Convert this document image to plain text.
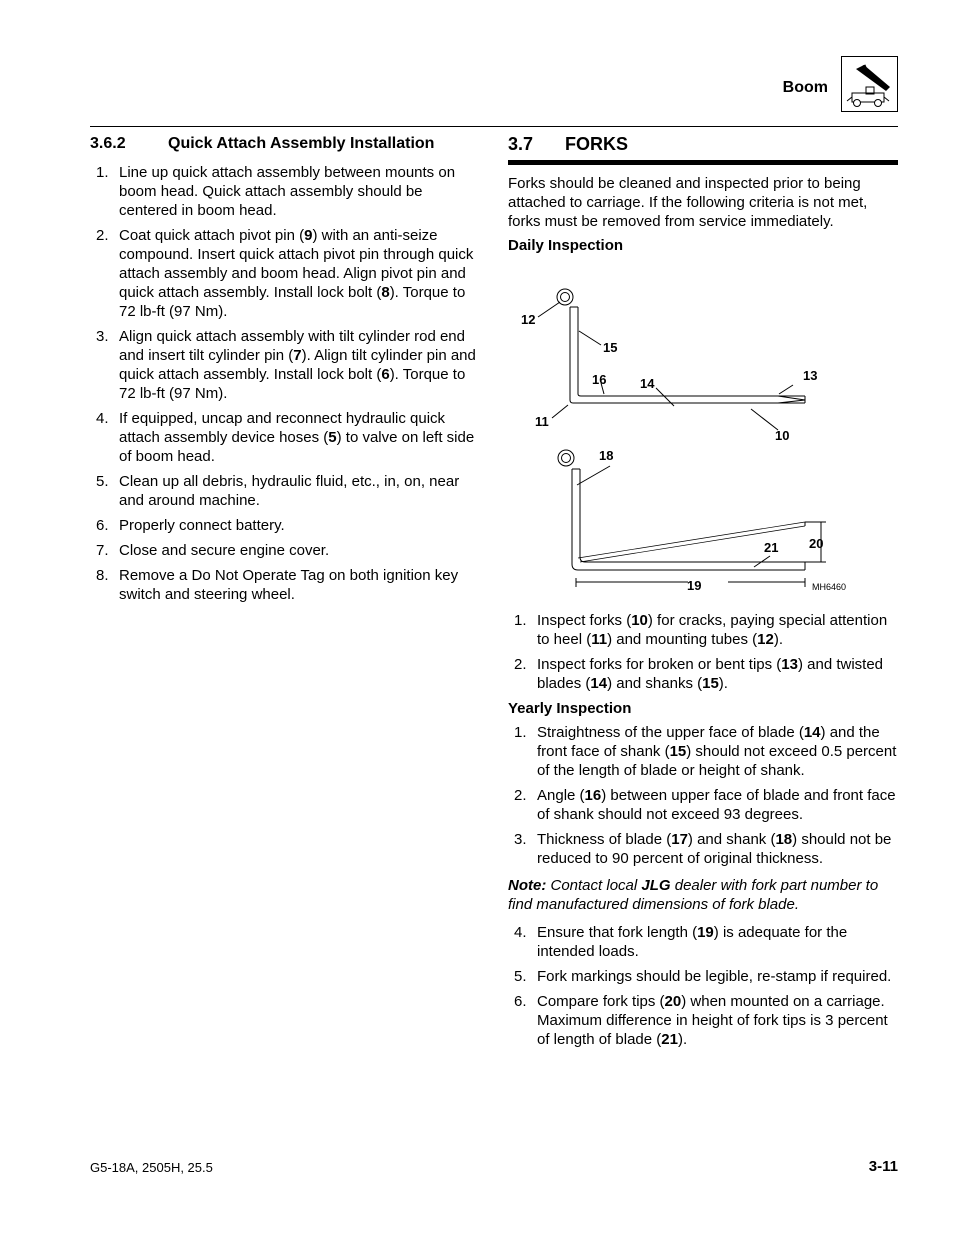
Boom
3.6.2	Quick Attach Assembly Installation
1. Line up quick attach assembly between mounts on boom head. Quick attach assembly should be centered in boom head.
2. Coat quick attach pivot pin (9) with an anti-seize compound. Insert quick attach pivot pin through quick attach assembly and boom head. Align pivot pin and quick attach assembly. Install lock bolt (8). Torque to 72 lb-ft (97 Nm).
3. Align quick attach assembly with tilt cylinder rod end and insert tilt cylinder pin (7). Align tilt cylinder pin and quick attach assembly. Install lock bolt (6). Torque to 72 lb-ft (97 Nm).
4. If equipped, uncap and reconnect hydraulic quick attach assembly device hoses (5) to valve on left side of boom head.
5. Clean up all debris, hydraulic fluid, etc., in, on, near and around machine.
6. Properly connect battery.
7. Close and secure engine cover.
8. Remove a Do Not Operate Tag on both ignition key switch and steering wheel.
3.7 FORKS
Forks should be cleaned and inspected prior to being attached to carriage. If the following criteria is not met, forks must be removed from service immediately.
Daily Inspection
12
15
16	14
13
11
10
18
21 20
19	MH6460
1. Inspect forks (10) for cracks, paying special attention to heel (11) and mounting tubes (12).
2. Inspect forks for broken or bent tips (13) and twisted blades (14) and shanks (15).
Yearly Inspection
1. Straightness of the upper face of blade (14) and the front face of shank (15) should not exceed 0.5 percent of the length of blade or height of shank.
2. Angle (16) between upper face of blade and front face of shank should not exceed 93 degrees.
3. Thickness of blade (17) and shank (18) should not be reduced to 90 percent of original thickness.
Note: Contact local JLG dealer with fork part number to find manufactured dimensions of fork blade.
4. Ensure that fork length (19) is adequate for the intended loads.
5. Fork markings should be legible, re-stamp if required.
6. Compare fork tips (20) when mounted on a carriage. Maximum difference in height of fork tips is 3 percent of length of blade (21).
G5-18A, 2505H, 25.5	3-11
